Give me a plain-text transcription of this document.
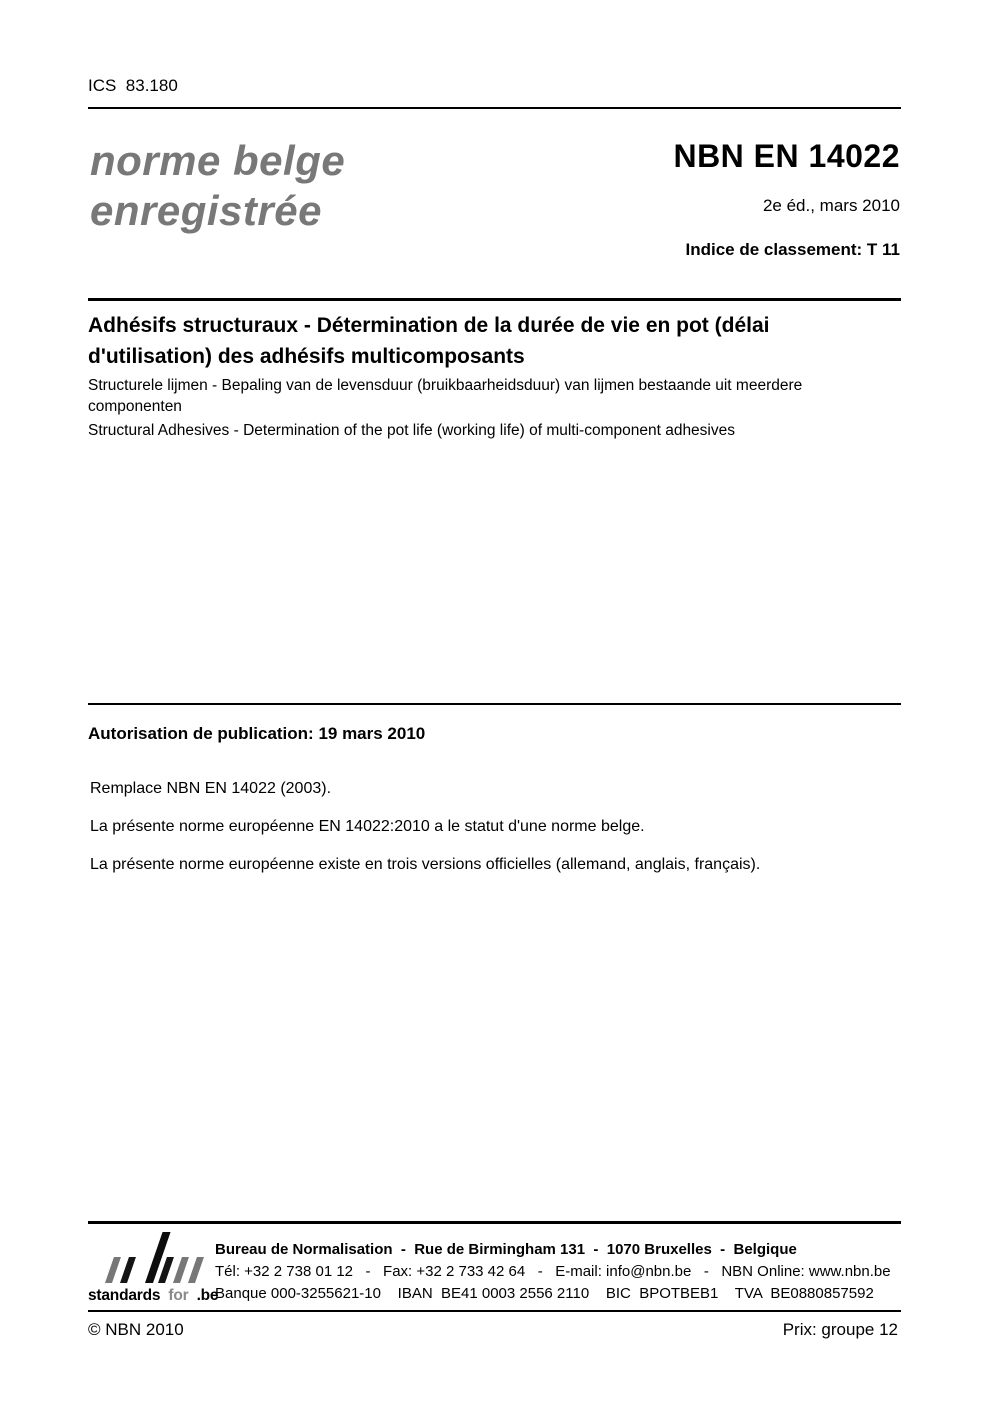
ICS  83.180
norme belge
enregistrée
NBN EN 14022
2e éd., mars 2010
Indice de classement: T 11
Adhésifs structuraux - Détermination de la durée de vie en pot (délai d'utilisation) des adhésifs multicomposants
Structurele lijmen - Bepaling van de levensduur (bruikbaarheidsduur) van lijmen bestaande uit meerdere componenten
Structural Adhesives - Determination of the pot life (working life) of multi-component adhesives
Autorisation de publication: 19 mars 2010
Remplace NBN EN 14022 (2003).
La présente norme européenne EN 14022:2010 a le statut d'une norme belge.
La présente norme européenne existe en trois versions officielles (allemand, anglais, français).
standards for .be
Bureau de Normalisation  -  Rue de Birmingham 131  -  1070 Bruxelles  -  Belgique
Tél: +32 2 738 01 12   -   Fax: +32 2 733 42 64   -   E-mail: info@nbn.be   -   NBN Online: www.nbn.be
Banque 000-3255621-10    IBAN  BE41 0003 2556 2110    BIC  BPOTBEB1    TVA  BE0880857592
© NBN 2010	Prix: groupe 12
